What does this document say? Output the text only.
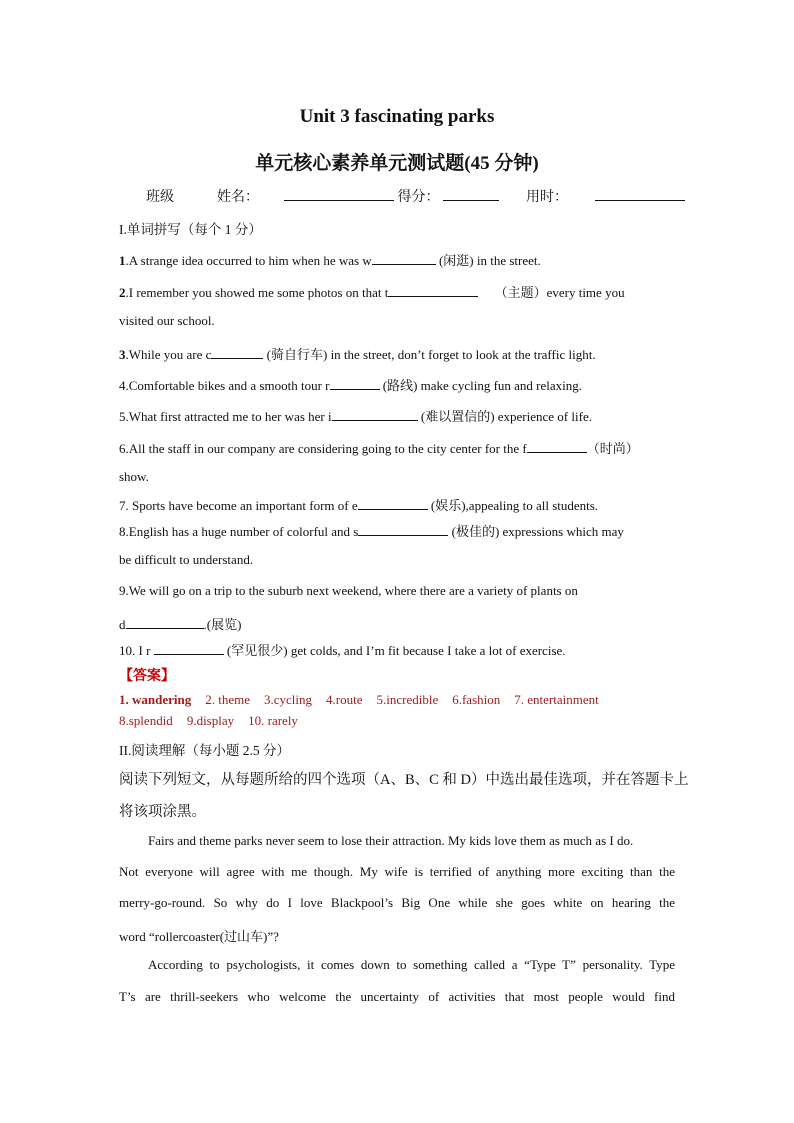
Unit 3 fascinating parks
单元核心素养单元测试题(45 分钟)
班级	姓名：	得分：	用时：
I.单词拼写（每个 1 分）
1.A strange idea occurred to him when he was w	(闲逛) in the street.
2.I remember you showed me some photos on that t	（主题）every time you
visited our school.
3.While you are c	(骑自行车) in the street, don’t forget to look at the traffic light.
4.Comfortable bikes and a smooth tour r	(路线) make cycling fun and relaxing.
5.What first attracted me to her was her i	(难以置信的) experience of life.
6.All the staff in our company are considering going to the city center for the f	（时尚）
show.
7. Sports have become an important form of e	(娱乐),appealing to all students.
8.English has a huge number of colorful and s	(极佳的) expressions which may
be difficult to understand.
9.We will go on a trip to the suburb next weekend, where there are a variety of plants on
d	.(展览)
10. I r	(罕见很少) get colds, and I’m fit because I take a lot of exercise.
【答案】
1. wandering 2. theme 3.cycling 4.route 5.incredible 6.fashion 7. entertainment
8.splendid 9.display 10. rarely
II.阅读理解（每小题 2.5 分）
阅读下列短文，从每题所给的四个选项（A、B、C 和 D）中选出最佳选项，并在答题卡上
将该项涂黑。
Fairs and theme parks never seem to lose their attraction. My kids love them as much as I do.
Not everyone will agree with me though. My wife is terrified of anything more exciting than the
merry-go-round. So why do I love Blackpool’s Big One while she goes white on hearing the
word “rollercoaster(过山车)”?
According to psychologists, it comes down to something called a “Type T” personality. Type
T’s are thrill-seekers who welcome the uncertainty of activities that most people would find
